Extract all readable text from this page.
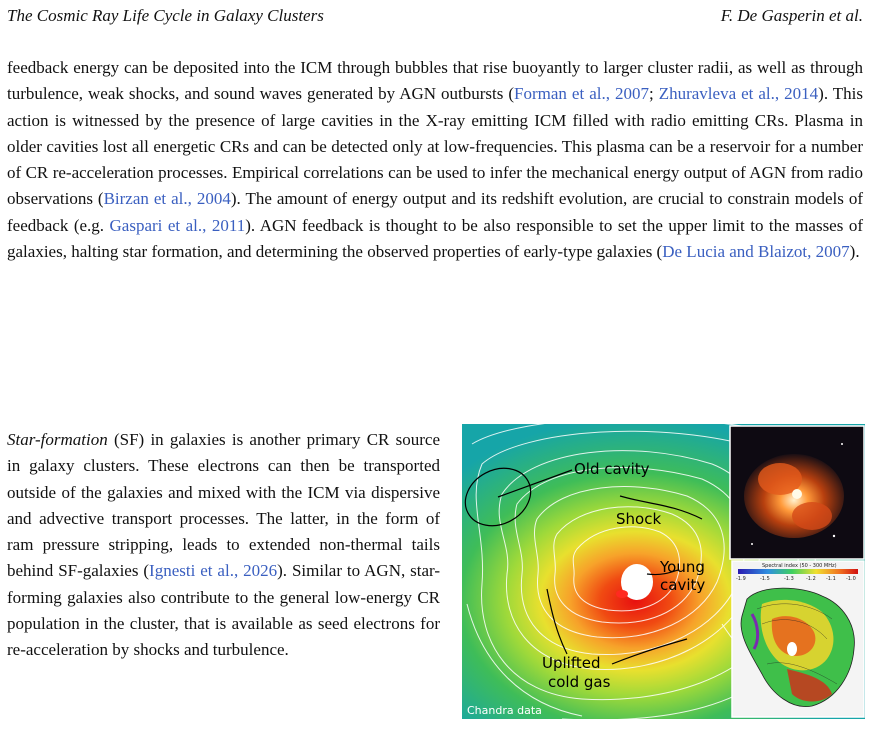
The Cosmic Ray Life Cycle in Galaxy Clusters	F. De Gasperin et al.
feedback energy can be deposited into the ICM through bubbles that rise buoyantly to larger cluster radii, as well as through turbulence, weak shocks, and sound waves generated by AGN outbursts (Forman et al., 2007; Zhuravleva et al., 2014). This action is witnessed by the presence of large cavities in the X-ray emitting ICM filled with radio emitting CRs. Plasma in older cavities lost all energetic CRs and can be detected only at low-frequencies. This plasma can be a reservoir for a number of CR re-acceleration processes. Empirical correlations can be used to infer the mechanical energy output of AGN from radio observations (Birzan et al., 2004). The amount of energy output and its redshift evolution, are crucial to constrain models of feedback (e.g. Gaspari et al., 2011). AGN feedback is thought to be also responsible to set the upper limit to the masses of galaxies, halting star formation, and determining the observed properties of early-type galaxies (De Lucia and Blaizot, 2007).
Star-formation (SF) in galaxies is another primary CR source in galaxy clusters. These electrons can then be transported outside of the galaxies and mixed with the ICM via dispersive and advective transport processes. The latter, in the form of ram pressure stripping, leads to extended non-thermal tails behind SF-galaxies (Ignesti et al., 2026). Similar to AGN, star-forming galaxies also contribute to the general low-energy CR population in the cluster, that is available as seed electrons for re-acceleration by shocks and turbulence.
Old cavity
Shock
Young
cavity
Uplifted
cold gas
Chandra data
Spectral index (50 - 300 MHz)
-1.9	-1.5	-1.3 -1.2 -1.1 -1.0
